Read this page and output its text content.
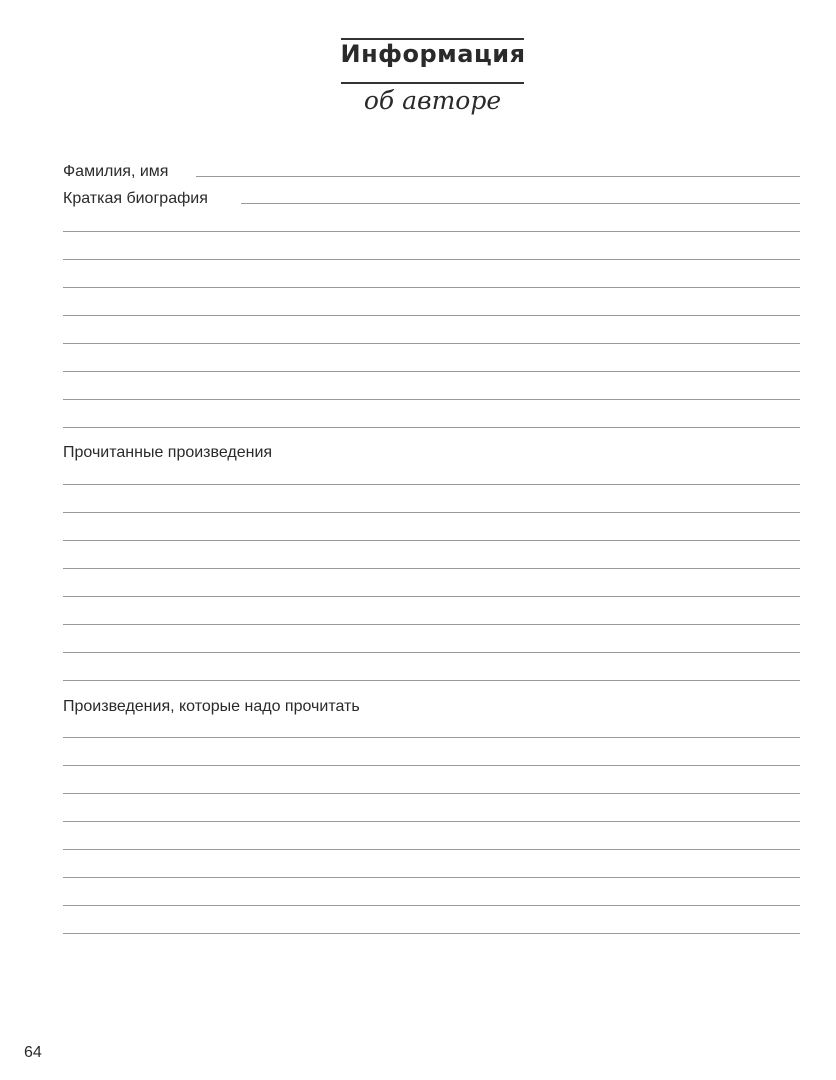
Информация
об авторе
Фамилия, имя
Краткая биография
Прочитанные произведения
Произведения, которые надо прочитать
64
